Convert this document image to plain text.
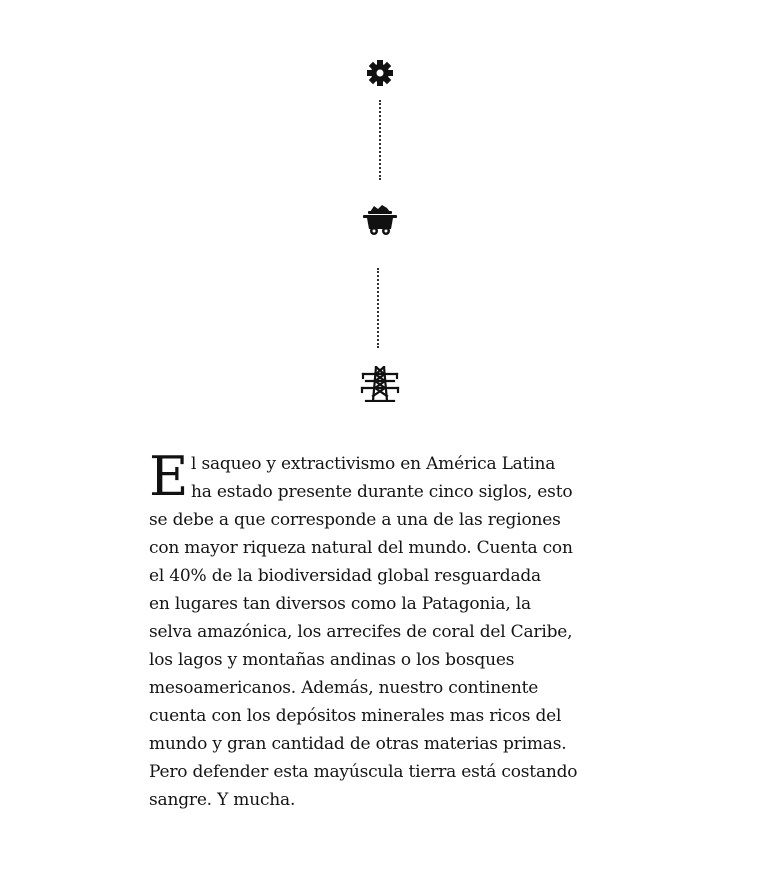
E l saqueo y extractivismo en América Latina
ha estado presente durante cinco siglos, esto
se debe a que corresponde a una de las regiones
con mayor riqueza natural del mundo. Cuenta con
el 40% de la biodiversidad global resguardada
en lugares tan diversos como la Patagonia, la
selva amazónica, los arrecifes de coral del Caribe,
los lagos y montañas andinas o los bosques
mesoamericanos. Además, nuestro continente
cuenta con los depósitos minerales mas ricos del
mundo y gran cantidad de otras materias primas.
Pero defender esta mayúscula tierra está costando
sangre. Y mucha.
